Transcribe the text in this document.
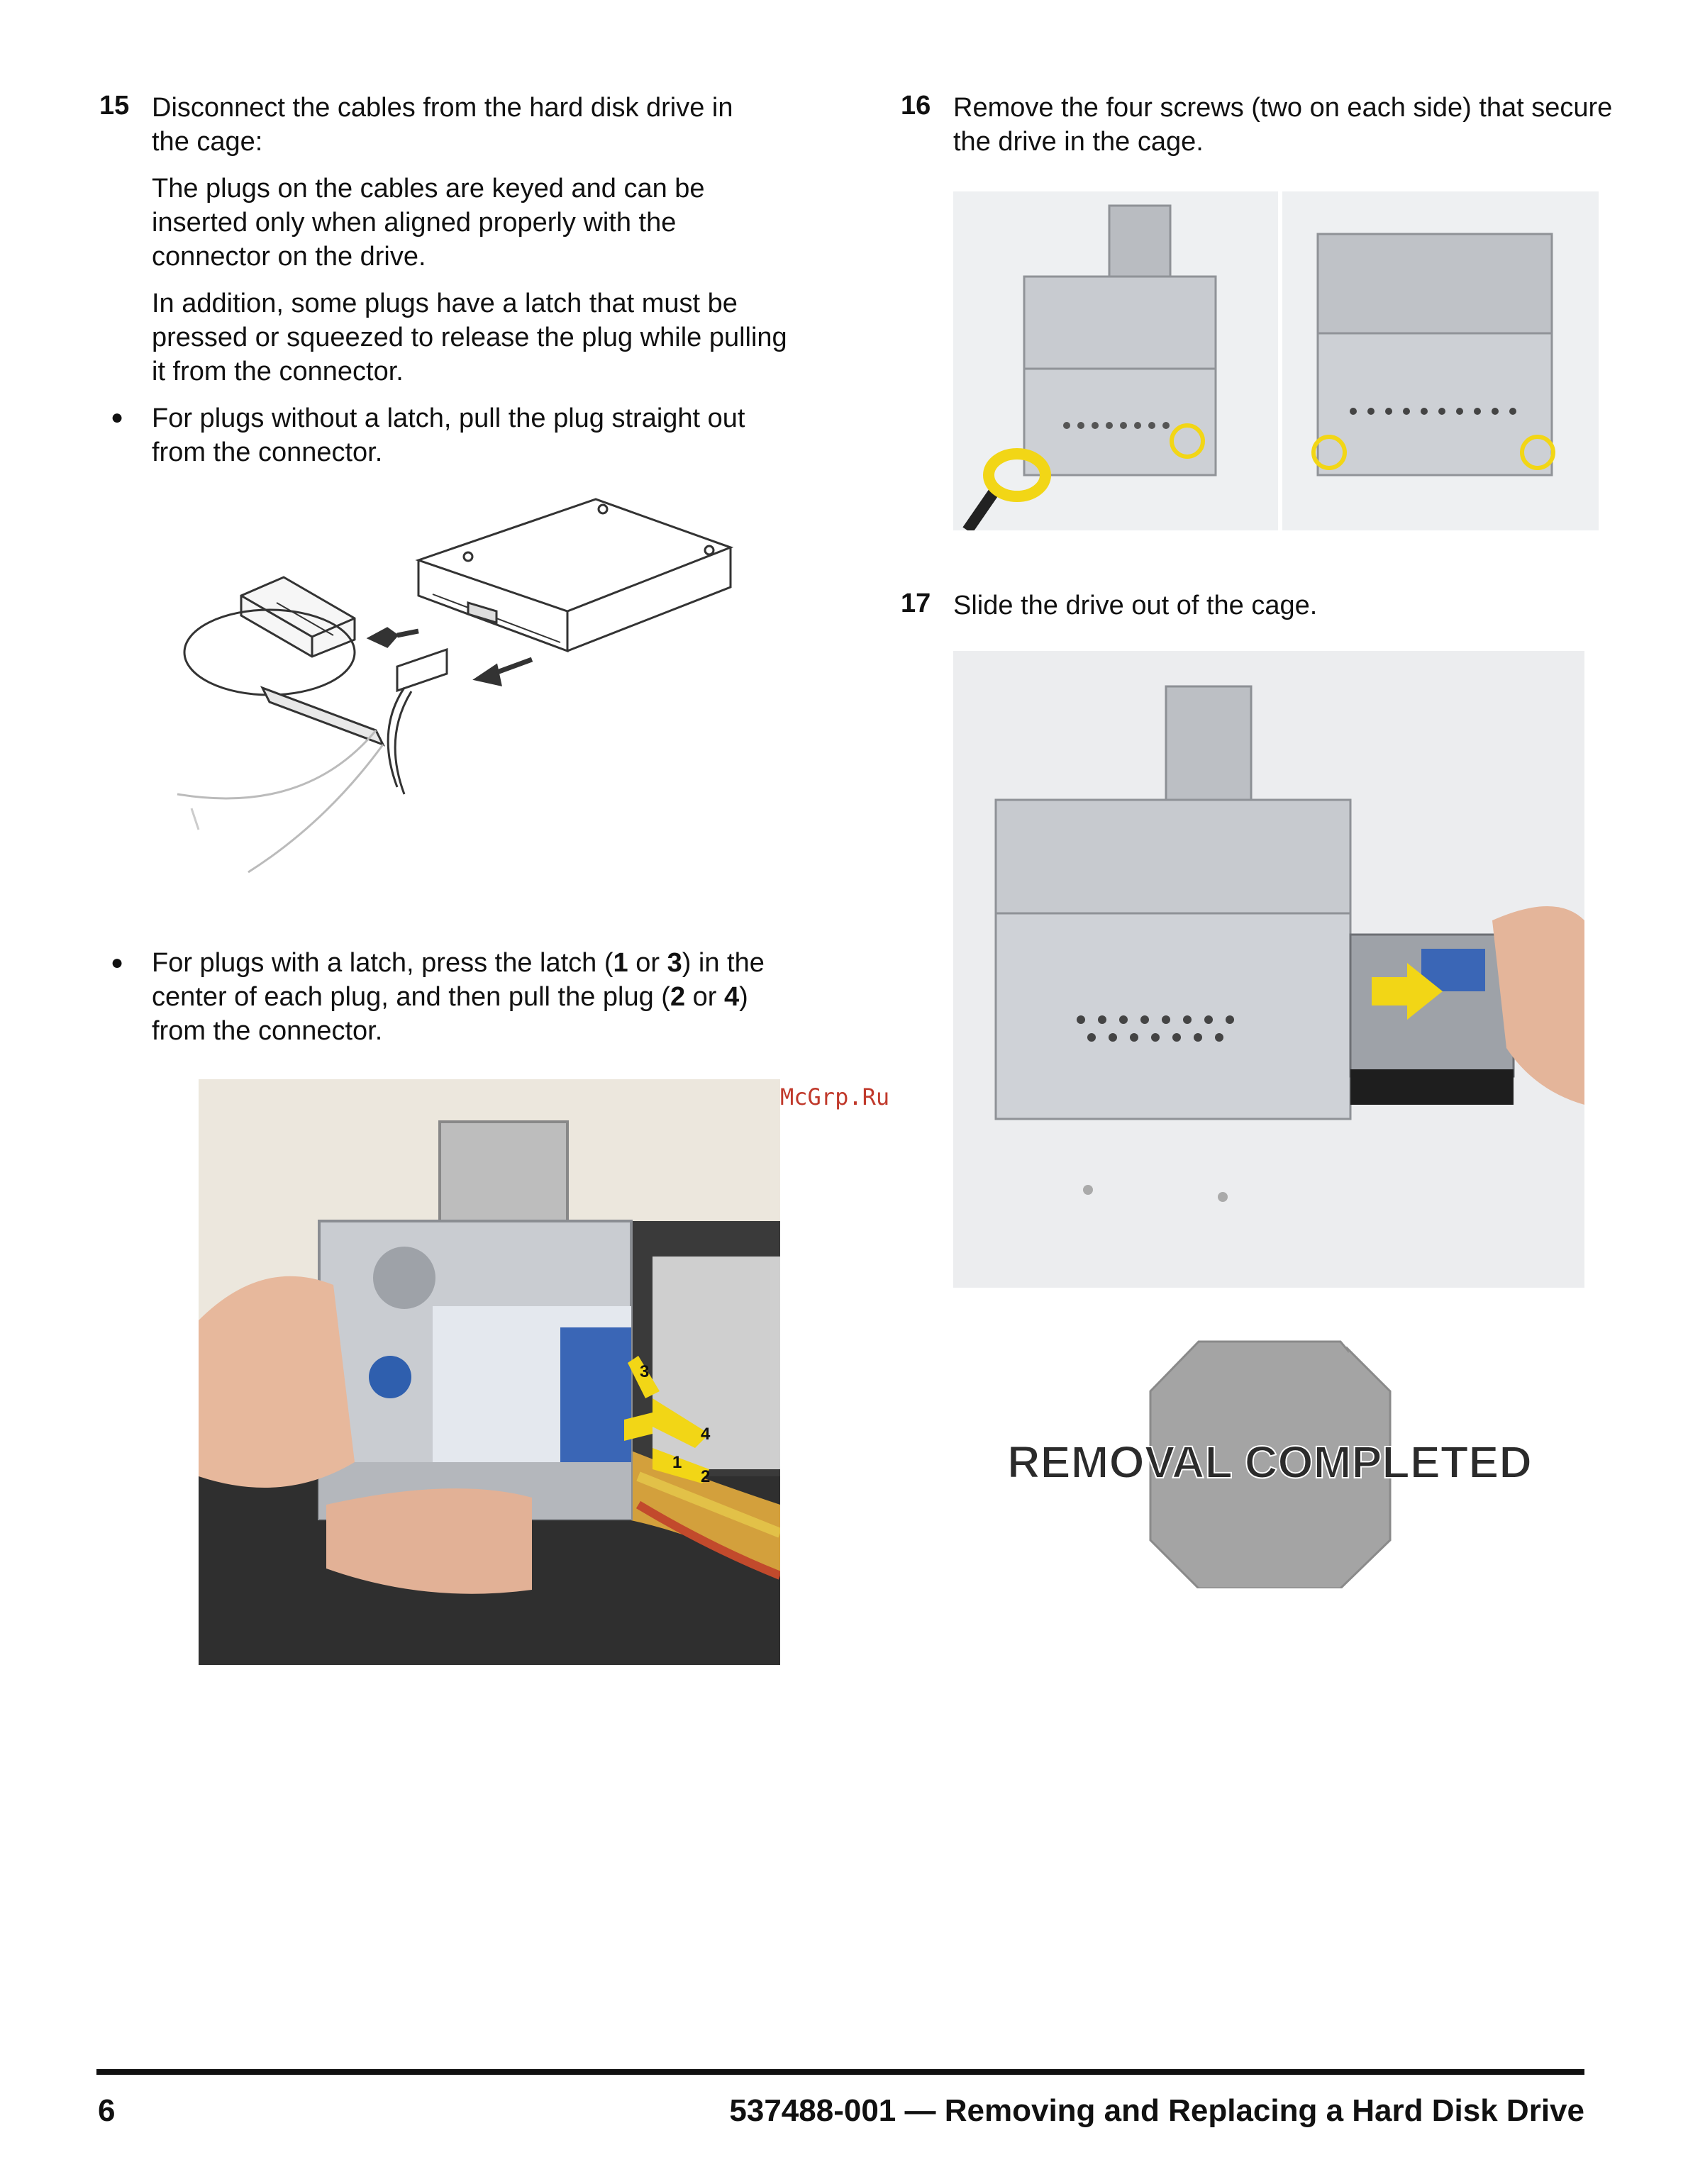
15 Disconnect the cables from the hard disk drive in
the cage:
The plugs on the cables are keyed and can be
inserted only when aligned properly with the
connector on the drive.
In addition, some plugs have a latch that must be
pressed or squeezed to release the plug while pulling
it from the connector.
● For plugs without a latch, pull the plug straight out
from the connector.
● For plugs with a latch, press the latch (1 or 3) in the
center of each plug, and then pull the plug (2 or 4)
from the connector.
1
2
3
4
McGrp.Ru
16 Remove the four screws (two on each side) that secure
the drive in the cage.
17 Slide the drive out of the cage.
REMOVAL COMPLETED
6	537488-001 — Removing and Replacing a Hard Disk Drive
